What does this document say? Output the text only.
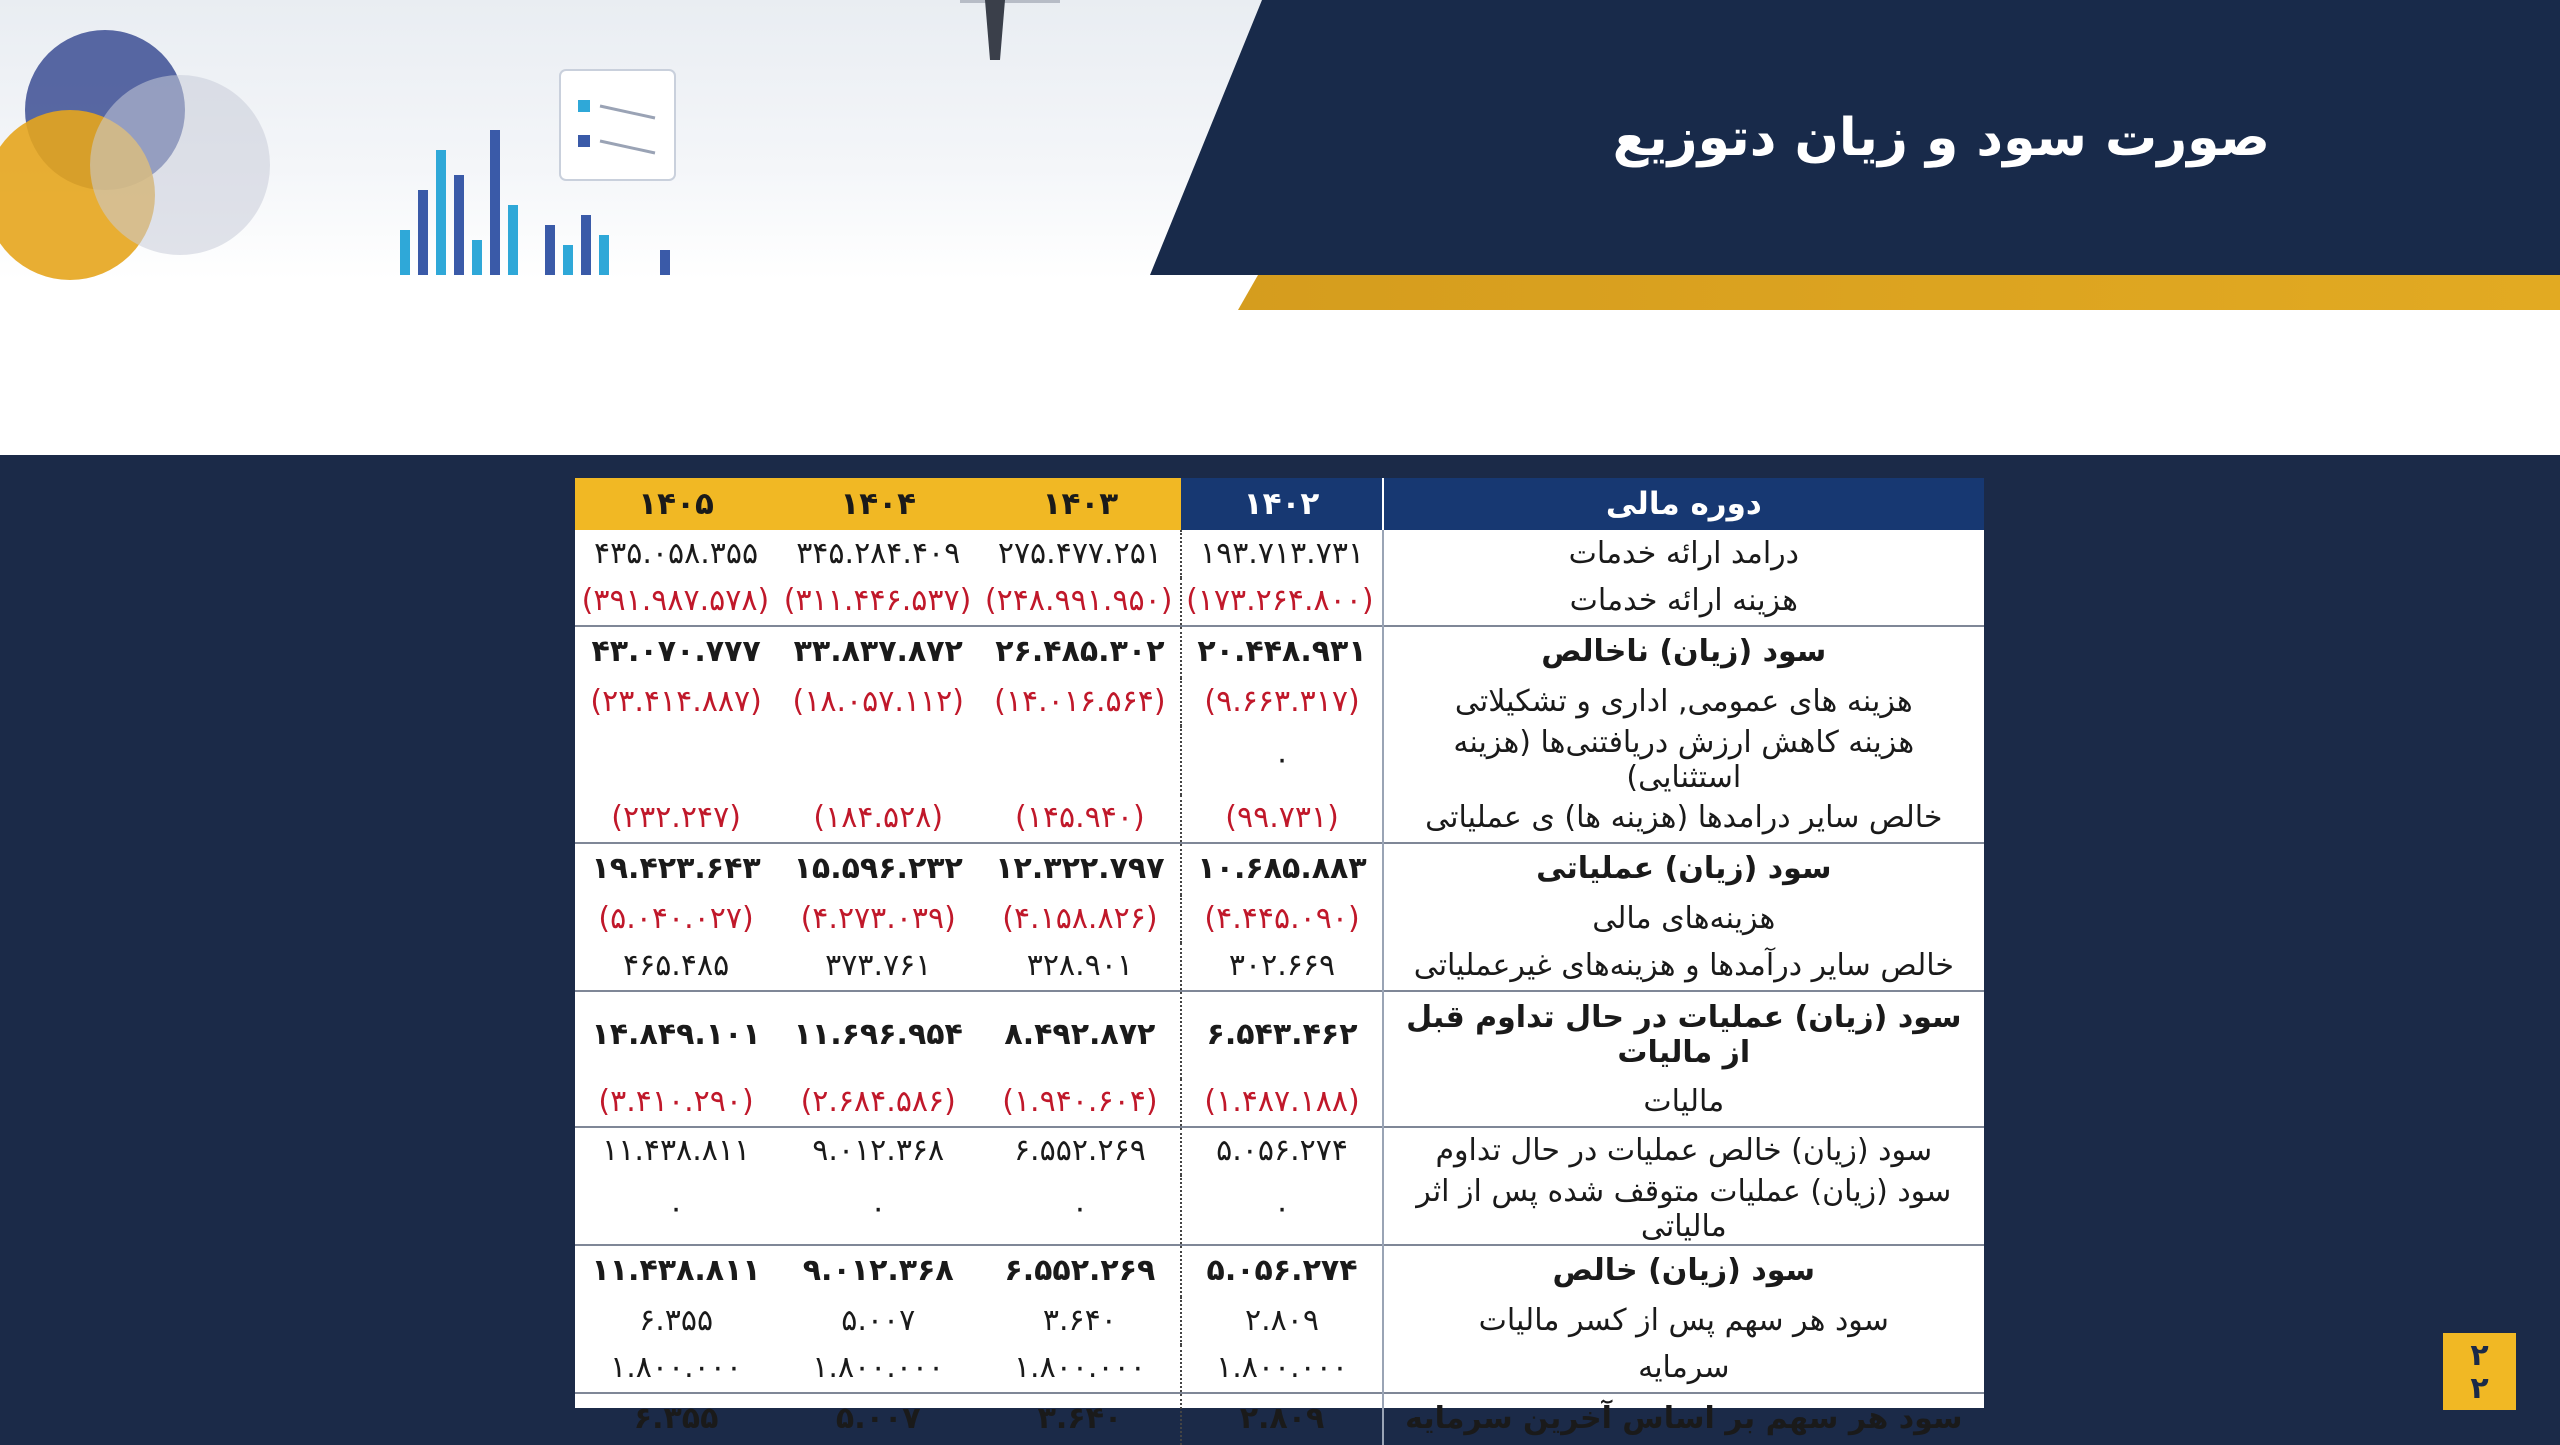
صورت سود و زیان دتوزیع
دوره مالی	۱۴۰۲	۱۴۰۳	۱۴۰۴	۱۴۰۵
درامد ارائه خدمات	۱۹۳.۷۱۳.۷۳۱	۲۷۵.۴۷۷.۲۵۱	۳۴۵.۲۸۴.۴۰۹	۴۳۵.۰۵۸.۳۵۵
هزینه ارائه خدمات	(۱۷۳.۲۶۴.۸۰۰)	(۲۴۸.۹۹۱.۹۵۰)	(۳۱۱.۴۴۶.۵۳۷)	(۳۹۱.۹۸۷.۵۷۸)
سود (زیان) ناخالص	۲۰.۴۴۸.۹۳۱	۲۶.۴۸۵.۳۰۲	۳۳.۸۳۷.۸۷۲	۴۳.۰۷۰.۷۷۷
هزینه های عمومی, اداری و تشکیلاتی	(۹.۶۶۳.۳۱۷)	(۱۴.۰۱۶.۵۶۴)	(۱۸.۰۵۷.۱۱۲)	(۲۳.۴۱۴.۸۸۷)
هزینه کاهش ارزش دریافتنی‌ها (هزینه استثنایی)	۰			
خالص سایر درامدها (هزینه ها) ی عملیاتی	(۹۹.۷۳۱)	(۱۴۵.۹۴۰)	(۱۸۴.۵۲۸)	(۲۳۲.۲۴۷)
سود (زیان) عملیاتی	۱۰.۶۸۵.۸۸۳	۱۲.۳۲۲.۷۹۷	۱۵.۵۹۶.۲۳۲	۱۹.۴۲۳.۶۴۳
هزینه‌های مالی	(۴.۴۴۵.۰۹۰)	(۴.۱۵۸.۸۲۶)	(۴.۲۷۳.۰۳۹)	(۵.۰۴۰.۰۲۷)
خالص سایر درآمدها و هزینه‌های غیرعملیاتی	۳۰۲.۶۶۹	۳۲۸.۹۰۱	۳۷۳.۷۶۱	۴۶۵.۴۸۵
سود (زیان) عملیات در حال تداوم قبل از مالیات	۶.۵۴۳.۴۶۲	۸.۴۹۲.۸۷۲	۱۱.۶۹۶.۹۵۴	۱۴.۸۴۹.۱۰۱
مالیات	(۱.۴۸۷.۱۸۸)	(۱.۹۴۰.۶۰۴)	(۲.۶۸۴.۵۸۶)	(۳.۴۱۰.۲۹۰)
سود (زیان) خالص عملیات در حال تداوم	۵.۰۵۶.۲۷۴	۶.۵۵۲.۲۶۹	۹.۰۱۲.۳۶۸	۱۱.۴۳۸.۸۱۱
سود (زیان) عملیات متوقف شده پس از اثر مالیاتی	۰	۰	۰	۰
سود (زیان) خالص	۵.۰۵۶.۲۷۴	۶.۵۵۲.۲۶۹	۹.۰۱۲.۳۶۸	۱۱.۴۳۸.۸۱۱
سود هر سهم پس از کسر مالیات	۲.۸۰۹	۳.۶۴۰	۵.۰۰۷	۶.۳۵۵
سرمایه	۱.۸۰۰.۰۰۰	۱.۸۰۰.۰۰۰	۱.۸۰۰.۰۰۰	۱.۸۰۰.۰۰۰
سود هر سهم بر اساس آخرین سرمایه	۲.۸۰۹	۳.۶۴۰	۵.۰۰۷	۶.۳۵۵
۲
۲
